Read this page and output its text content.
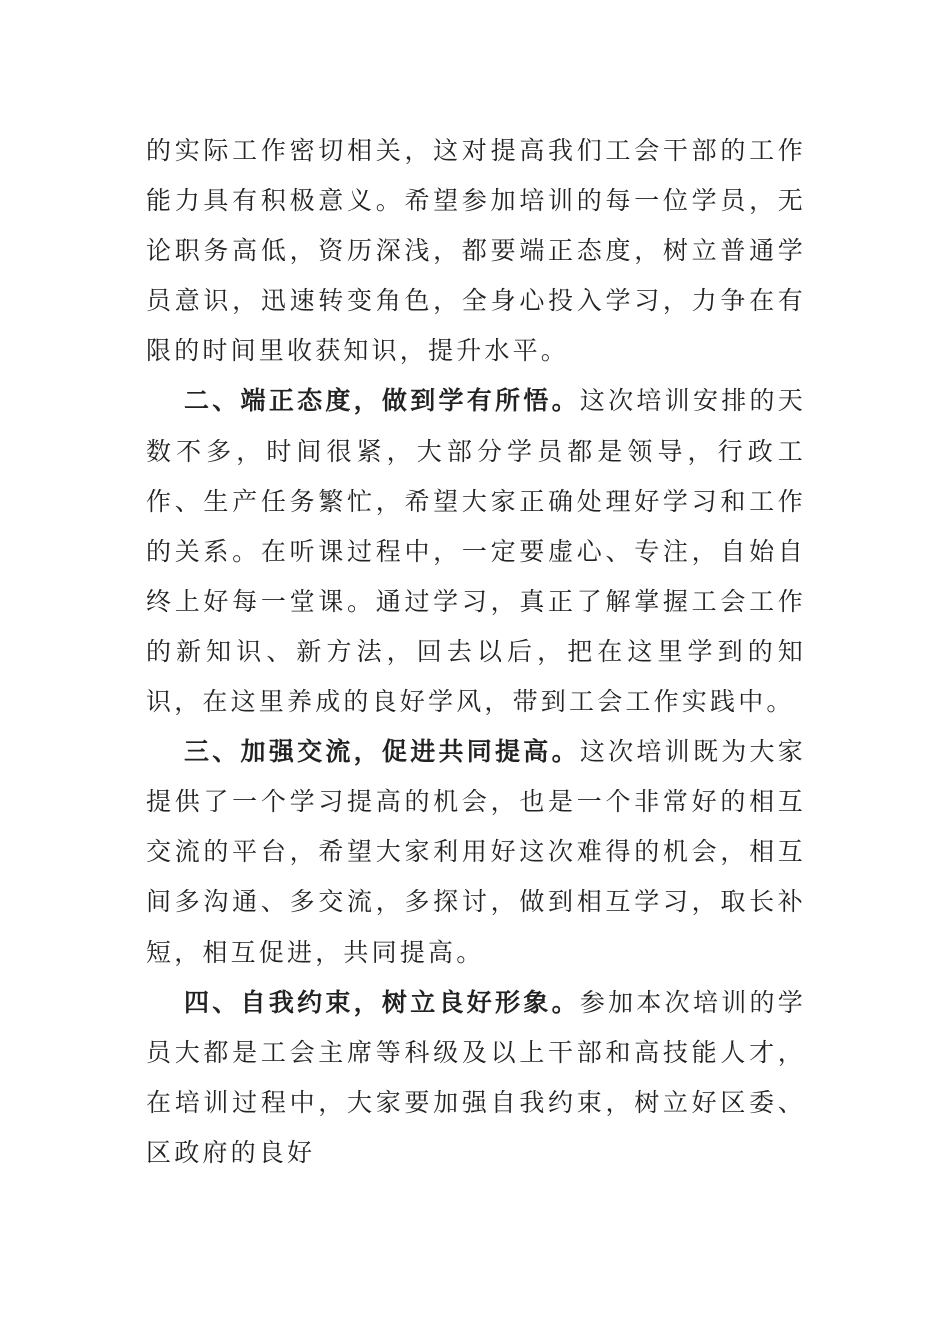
的实际工作密切相关，这对提高我们工会干部的工作能力具有积极意义。希望参加培训的每一位学员，无论职务高低，资历深浅，都要端正态度，树立普通学员意识，迅速转变角色，全身心投入学习，力争在有限的时间里收获知识，提升水平。

二、端正态度，做到学有所悟。这次培训安排的天数不多，时间很紧，大部分学员都是领导，行政工作、生产任务繁忙，希望大家正确处理好学习和工作的关系。在听课过程中，一定要虚心、专注，自始自终上好每一堂课。通过学习，真正了解掌握工会工作的新知识、新方法，回去以后，把在这里学到的知识，在这里养成的良好学风，带到工会工作实践中。

三、加强交流，促进共同提高。这次培训既为大家提供了一个学习提高的机会，也是一个非常好的相互交流的平台，希望大家利用好这次难得的机会，相互间多沟通、多交流，多探讨，做到相互学习，取长补短，相互促进，共同提高。

四、自我约束，树立良好形象。参加本次培训的学员大都是工会主席等科级及以上干部和高技能人才，在培训过程中，大家要加强自我约束，树立好区委、区政府的良好
